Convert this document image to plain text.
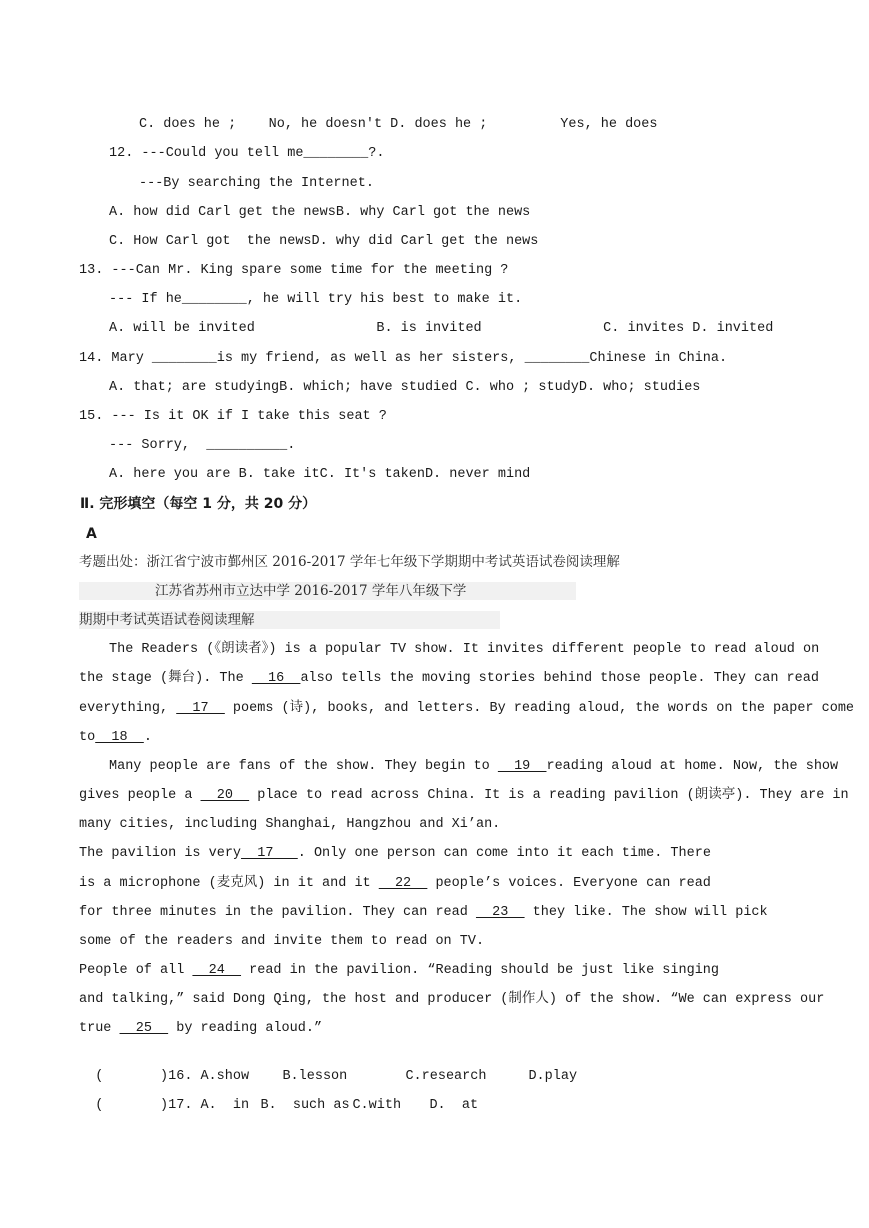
C. does he ;    No, he doesn′t D. does he ;         Yes, he does
12. ---Could you tell me________?.
---By searching the Internet.
A. how did Carl get the newsB. why Carl got the news
C. How Carl got  the newsD. why did Carl get the news
13. ---Can Mr. King spare some time for the meeting ?
--- If he________, he will try his best to make it.
A. will be invited               B. is invited               C. invites D. invited
14. Mary ________is my friend, as well as her sisters, ________Chinese in China.
A. that; are studyingB. which; have studied C. who ; studyD. who; studies
15. --- Is it OK if I take this seat ?
--- Sorry,  __________.
A. here you are B. take itC. It′s takenD. never mind
Ⅱ. 完形填空（每空 1 分，共 20 分）
A
考题出处：浙江省宁波市鄞州区 2016-2017 学年七年级下学期期中考试英语试卷阅读理解
江苏省苏州市立达中学 2016-2017 学年八年级下学
期期中考试英语试卷阅读理解
The Readers (《朗读者》) is a popular TV show. It invites different people to read aloud on
the stage (舞台). The   16  also tells the moving stories behind those people. They can read
everything,   17   poems (诗), books, and letters. By reading aloud, the words on the paper come
to  18  .
Many people are fans of the show. They begin to   19  reading aloud at home. Now, the show
gives people a   20   place to read across China. It is a reading pavilion (朗读亭). They are in
many cities, including Shanghai, Hangzhou and Xi’an.
The pavilion is very  17   . Only one person can come into it each time. There
is a microphone (麦克风) in it and it   22   people’s voices. Everyone can read
for three minutes in the pavilion. They can read   23   they like. The show will pick
some of the readers and invite them to read on TV.
People of all   24   read in the pavilion. “Reading should be just like singing
and talking,” said Dong Qing, the host and producer (制作人) of the show. “We can express our
true   25   by reading aloud.”

(       )16. A.show B.lesson	C.research	D.play

(       )17. A.  in B.  such as C.with D.  at
